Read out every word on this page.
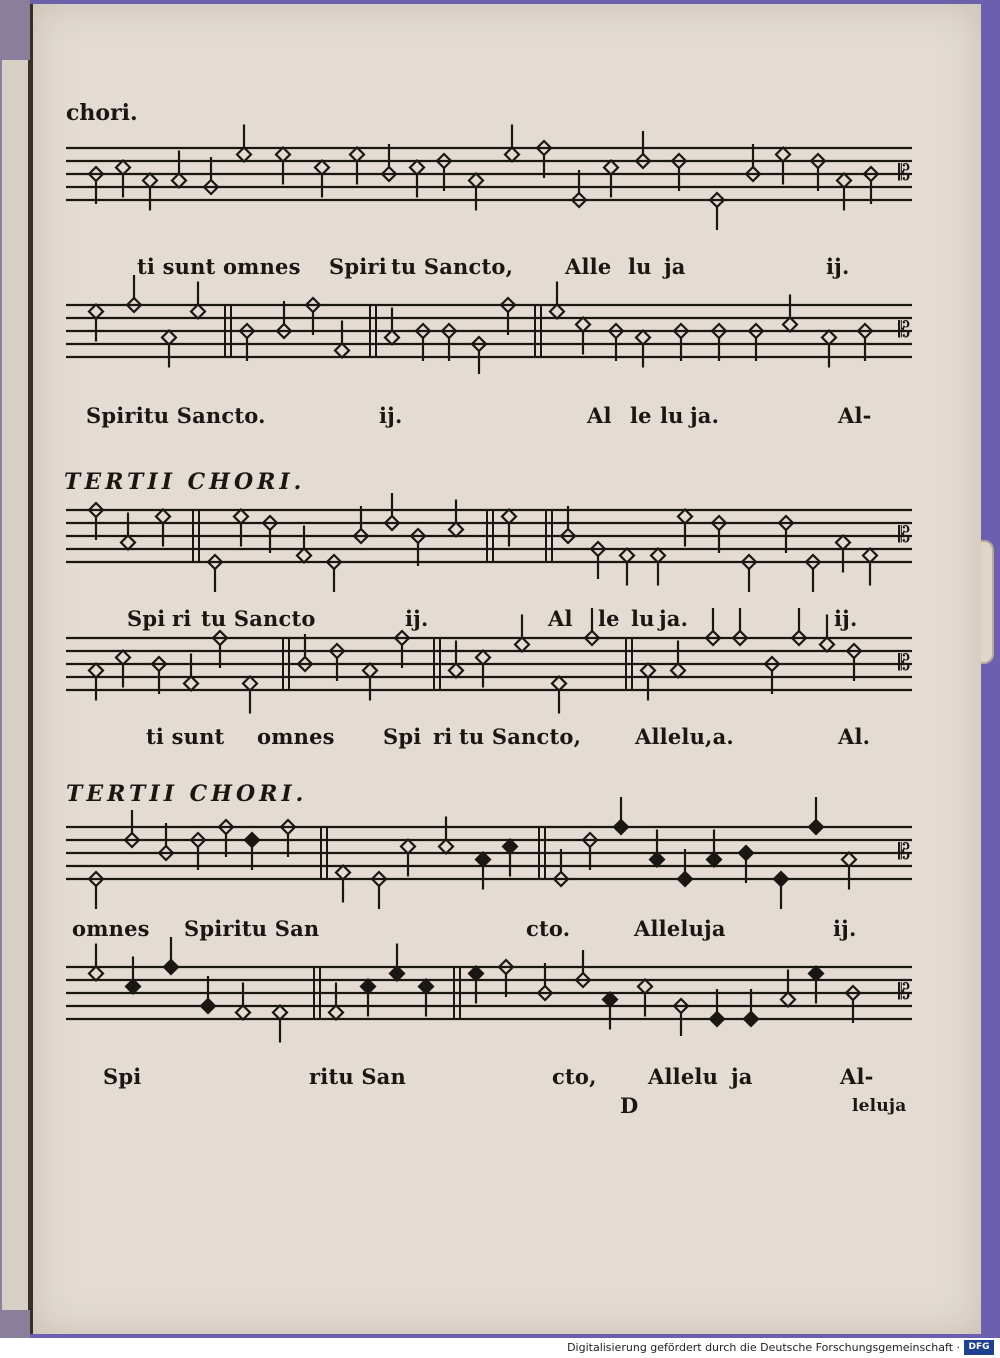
𝄡
𝄡
𝄡
𝄡
𝄡
𝄡
chori.
TERTII CHORI.
TERTII CHORI.
ti sunt omnes Spiri tu Sancto, Alle lu ja	ij.
Spiritu Sancto.	ij.	Al le lu ja.	Al-
Spi ri tu Sancto	ij.	Al le lu ja.	ij.
ti sunt omnes Spi ri tu Sancto,	Allelu,a.	Al.
omnes Spiritu San	cto.	Alleluja	ij.
Spi	ritu San	cto, Allelu ja	Al-
D	leluja
Digitalisierung gefördert durch die Deutsche Forschungsgemeinschaft · DFG
